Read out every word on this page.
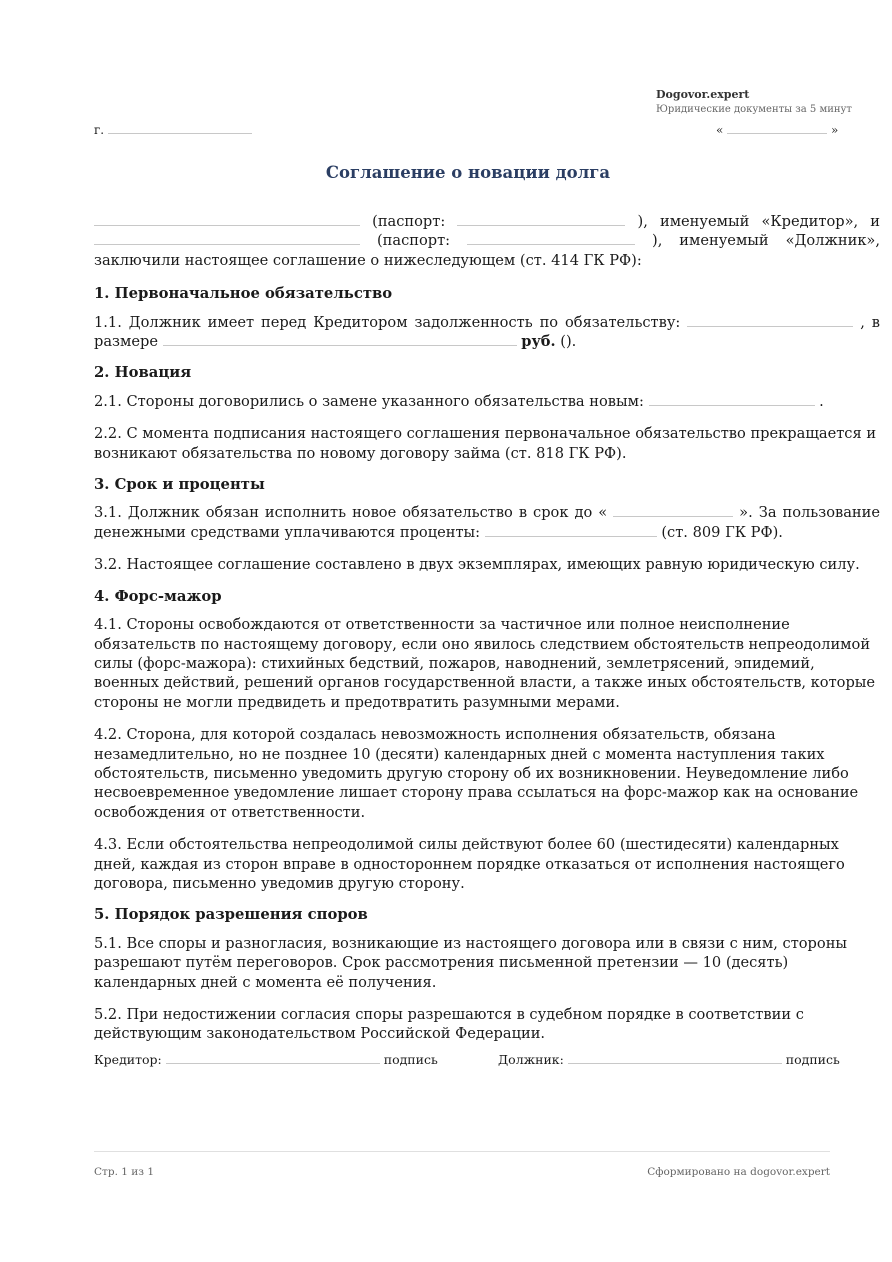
Dogovor.expert
Юридические документы за 5 минут
г.	«	»
Соглашение о новации долга

(паспорт:	), именуемый «Кредитор», и

(паспорт:	), именуемый «Должник»,

заключили настоящее соглашение о нижеследующем (ст. 414 ГК РФ):

1. Первоначальное обязательство

1.1. Должник имеет перед Кредитором задолженность по обязательству:	, в

размере	руб. ().

2. Новация

2.1. Стороны договорились о замене указанного обязательства новым:	.

2.2. С момента подписания настоящего соглашения первоначальное обязательство прекращается и возникают обязательства по новому договору займа (ст. 818 ГК РФ).

3. Срок и проценты

3.1. Должник обязан исполнить новое обязательство в срок до «	». За пользование

денежными средствами уплачиваются проценты:	(ст. 809 ГК РФ).

3.2. Настоящее соглашение составлено в двух экземплярах, имеющих равную юридическую силу.

4. Форс-мажор

4.1. Стороны освобождаются от ответственности за частичное или полное неисполнение обязательств по настоящему договору, если оно явилось следствием обстоятельств непреодолимой силы (форс-мажора): стихийных бедствий, пожаров, наводнений, землетрясений, эпидемий, военных действий, решений органов государственной власти, а также иных обстоятельств, которые стороны не могли предвидеть и предотвратить разумными мерами.

4.2. Сторона, для которой создалась невозможность исполнения обязательств, обязана незамедлительно, но не позднее 10 (десяти) календарных дней с момента наступления таких обстоятельств, письменно уведомить другую сторону об их возникновении. Неуведомление либо несвоевременное уведомление лишает сторону права ссылаться на форс-мажор как на основание освобождения от ответственности.

4.3. Если обстоятельства непреодолимой силы действуют более 60 (шестидесяти) календарных дней, каждая из сторон вправе в одностороннем порядке отказаться от исполнения настоящего договора, письменно уведомив другую сторону.

5. Порядок разрешения споров

5.1. Все споры и разногласия, возникающие из настоящего договора или в связи с ним, стороны разрешают путём переговоров. Срок рассмотрения письменной претензии — 10 (десять) календарных дней с момента её получения.

5.2. При недостижении согласия споры разрешаются в судебном порядке в соответствии с действующим законодательством Российской Федерации.

Кредитор:	подпись	Должник:	подпись
Стр. 1 из 1	Сформировано на dogovor.expert
